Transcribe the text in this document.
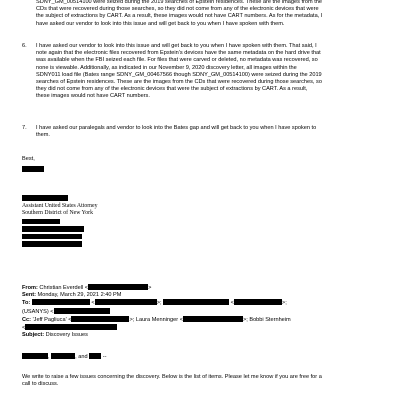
SDNY_GM_00514100 were seized during the 2019 searches of Epstein residences. These are the images from the

CDs that were recovered during those searches, so they did not come from any of the electronic devices that were

the subject of extractions by CART. As a result, these images would not have CART numbers. As for the metadata, I

have asked our vendor to look into this issue and will get back to you when I have spoken with them.

6.	I have asked our vendor to look into this issue and will get back to you when I have spoken with them. That said, I

note again that the electronic files recovered from Epstein’s devices have the same metadata on the hard drive that

was available when the FBI seized each file. For files that were carved or deleted, no metadata was recovered, so

none is viewable. Additionally, as indicated in our November 9, 2020 discovery letter, all images within the

SDNY011 load file (Bates range SDNY_GM_00467566 though SDNY_GM_00514100) were seized during the 2019

searches of Epstein residences. These are the images from the CDs that were recovered during those searches, so

they did not come from any of the electronic devices that were the subject of extractions by CART. As a result,

these images would not have CART numbers.

7.	I have asked our paralegals and vendor to look into the Bates gap and will get back to you when I have spoken to

them.

Best,

Assistant United States Attorney

Southern District of New York

From: Christian Everdell <	>

Sent: Monday, March 29, 2021 2:40 PM

To:	<	>;	<	>;

(USANYS) <

Cc: 'Jeff Pagliuca' <	>; Laura Menninger <	>; Bobbi Sternheim

<

Subject: Discovery Issues

,	, and  --

We write to raise a few issues concerning the discovery. Below is the list of items. Please let me know if you are free for a

call to discuss.
